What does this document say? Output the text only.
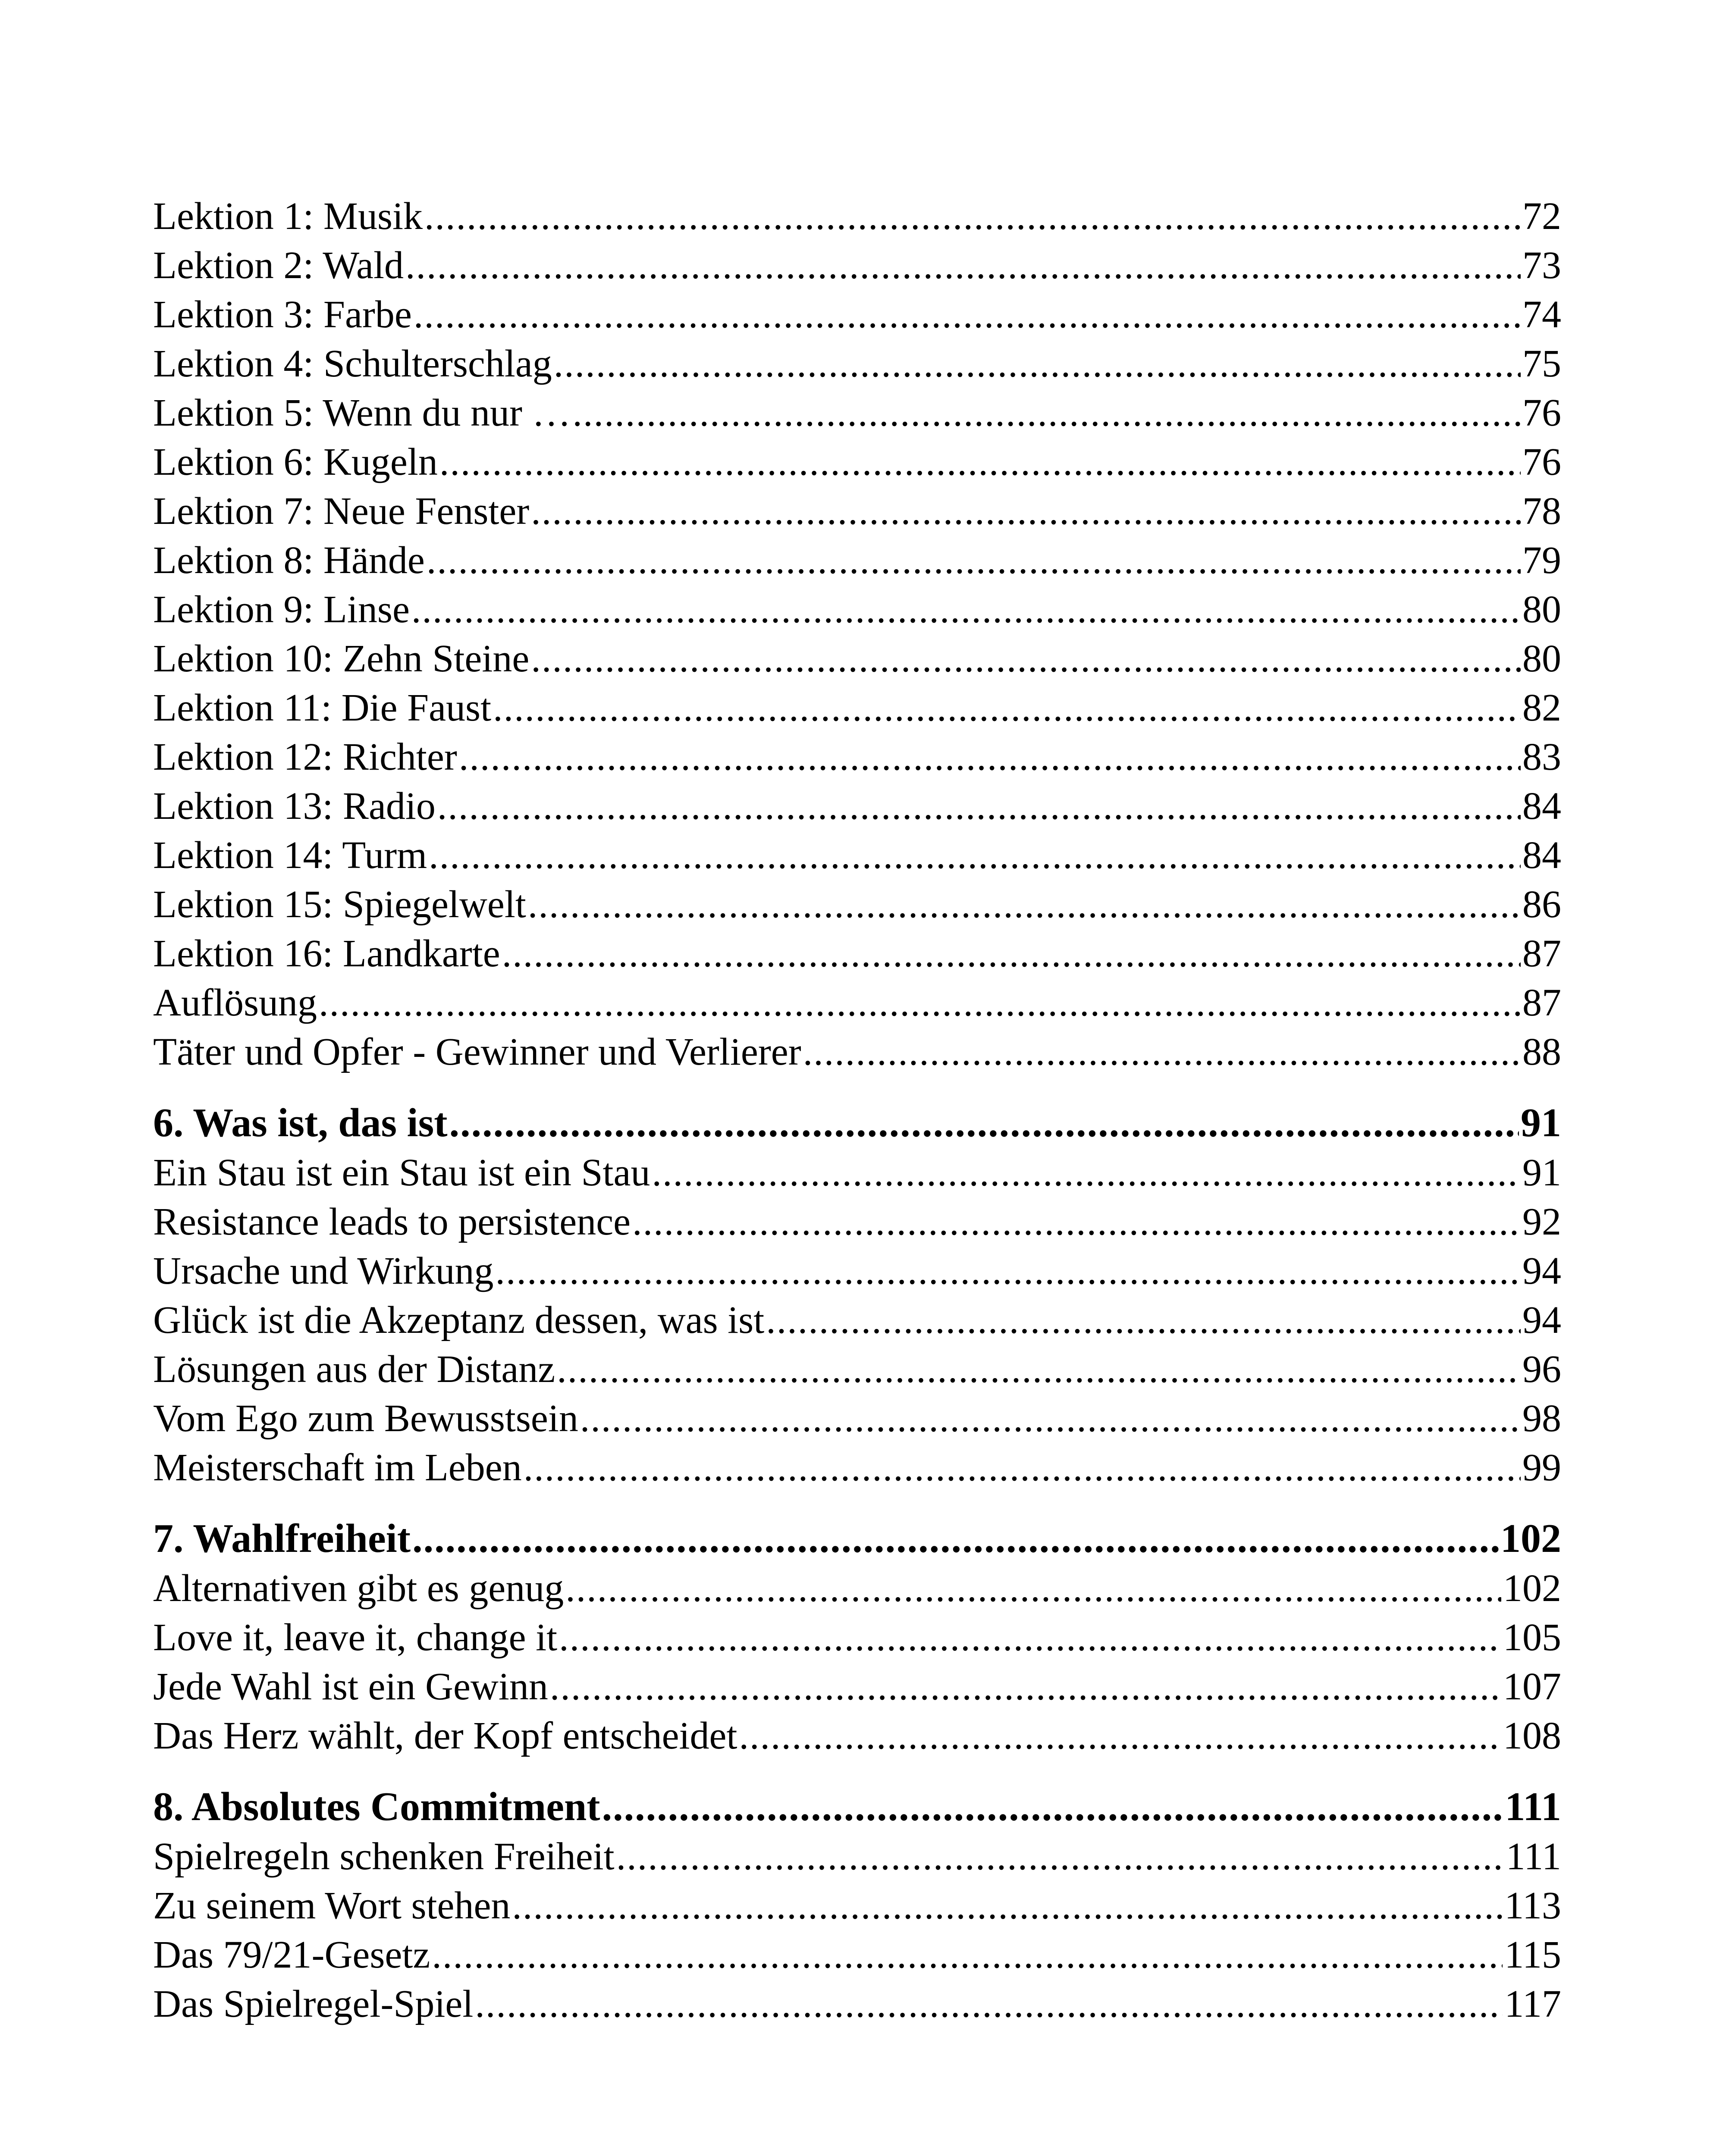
Lektion 1: Musik .....	72
Lektion 2: Wald .....	73
Lektion 3: Farbe .....	74
Lektion 4: Schulterschlag .....	75
Lektion 5: Wenn du nur … .....	76
Lektion 6: Kugeln .....	76
Lektion 7: Neue Fenster .....	78
Lektion 8: Hände .....	79
Lektion 9: Linse .....	80
Lektion 10: Zehn Steine .....	80
Lektion 11: Die Faust .....	82
Lektion 12: Richter .....	83
Lektion 13: Radio .....	84
Lektion 14: Turm .....	84
Lektion 15: Spiegelwelt .....	86
Lektion 16: Landkarte .....	87
Auflösung .....	87
Täter und Opfer - Gewinner und Verlierer .....	88
6. Was ist, das ist .....	91
Ein Stau ist ein Stau ist ein Stau .....	91
Resistance leads to persistence .....	92
Ursache und Wirkung .....	94
Glück ist die Akzeptanz dessen, was ist .....	94
Lösungen aus der Distanz .....	96
Vom Ego zum Bewusstsein .....	98
Meisterschaft im Leben .....	99
7. Wahlfreiheit .....	102
Alternativen gibt es genug .....	102
Love it, leave it, change it .....	105
Jede Wahl ist ein Gewinn .....	107
Das Herz wählt, der Kopf entscheidet .....	108
8. Absolutes Commitment .....	111
Spielregeln schenken Freiheit .....	111
Zu seinem Wort stehen .....	113
Das 79/21-Gesetz .....	115
Das Spielregel-Spiel .....	117
